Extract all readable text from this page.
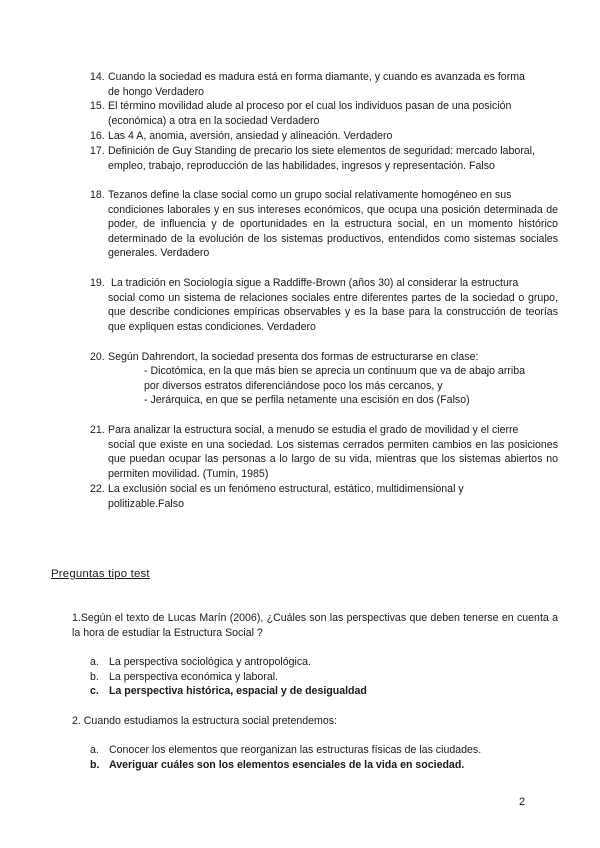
14. Cuando la sociedad es madura está en forma diamante, y cuando es avanzada es forma
de hongo Verdadero
15. El término movilidad alude al proceso por el cual los individuos pasan de una posición
(económica) a otra en la sociedad Verdadero
16. Las 4 A, anomia, aversión, ansiedad y alineación. Verdadero
17. Definición de Guy Standing de precario los siete elementos de seguridad: mercado laboral,
empleo, trabajo, reproducción de las habilidades, ingresos y representación. Falso
18. Tezanos define la clase social como un grupo social relativamente homogéneo en sus
condiciones laborales y en sus intereses económicos, que ocupa una posición determinada de poder, de influencia y de oportunidades en la estructura social, en un momento histórico determinado de la evolución de los sistemas productivos, entendidos como sistemas sociales generales. Verdadero
19. La tradición en Sociología sigue a Raddiffe-Brown (años 30) al considerar la estructura
social como un sistema de relaciones sociales entre diferentes partes de la sociedad o grupo, que describe condiciones empíricas observables y es la base para la construcción de teorías que expliquen estas condiciones. Verdadero
20. Según Dahrendort, la sociedad presenta dos formas de estructurarse en clase:
- Dicotómica, en la que más bien se aprecia un continuum que va de abajo arriba
por diversos estratos diferenciándose poco los más cercanos, y
- Jerárquica, en que se perfila netamente una escisión en dos (Falso)
21. Para analizar la estructura social, a menudo se estudia el grado de movilidad y el cierre
social que existe en una sociedad. Los sistemas cerrados permiten cambios en las posiciones que puedan ocupar las personas a lo largo de su vida, mientras que los sistemas abiertos no permiten movilidad. (Tumin, 1985)
22. La exclusión social es un fenómeno estructural, estático, multidimensional y
politizable.Falso
Preguntas tipo test
1.Según el texto de Lucas Marín (2006), ¿Cuáles son las perspectivas que deben tenerse en cuenta a la hora de estudiar la Estructura Social ?
a. La perspectiva sociológica y antropológica.
b. La perspectiva económica y laboral.
c. La perspectiva histórica, espacial y de desigualdad
2. Cuando estudiamos la estructura social pretendemos:
a. Conocer los elementos que reorganizan las estructuras físicas de las ciudades.
b. Averiguar cuáles son los elementos esenciales de la vida en sociedad.
2
